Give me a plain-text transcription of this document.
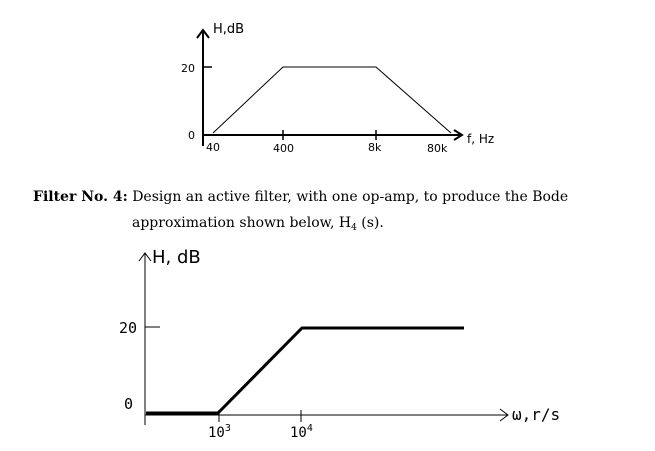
H,dB
20
0
40	400	8k	80k
f, Hz
Filter No. 4: Design an active filter, with one op-amp, to produce the Bode
approximation shown below, $H_4$ (s).
H, dB
20
0
$10^3$	$10^4$
ω,r/s
